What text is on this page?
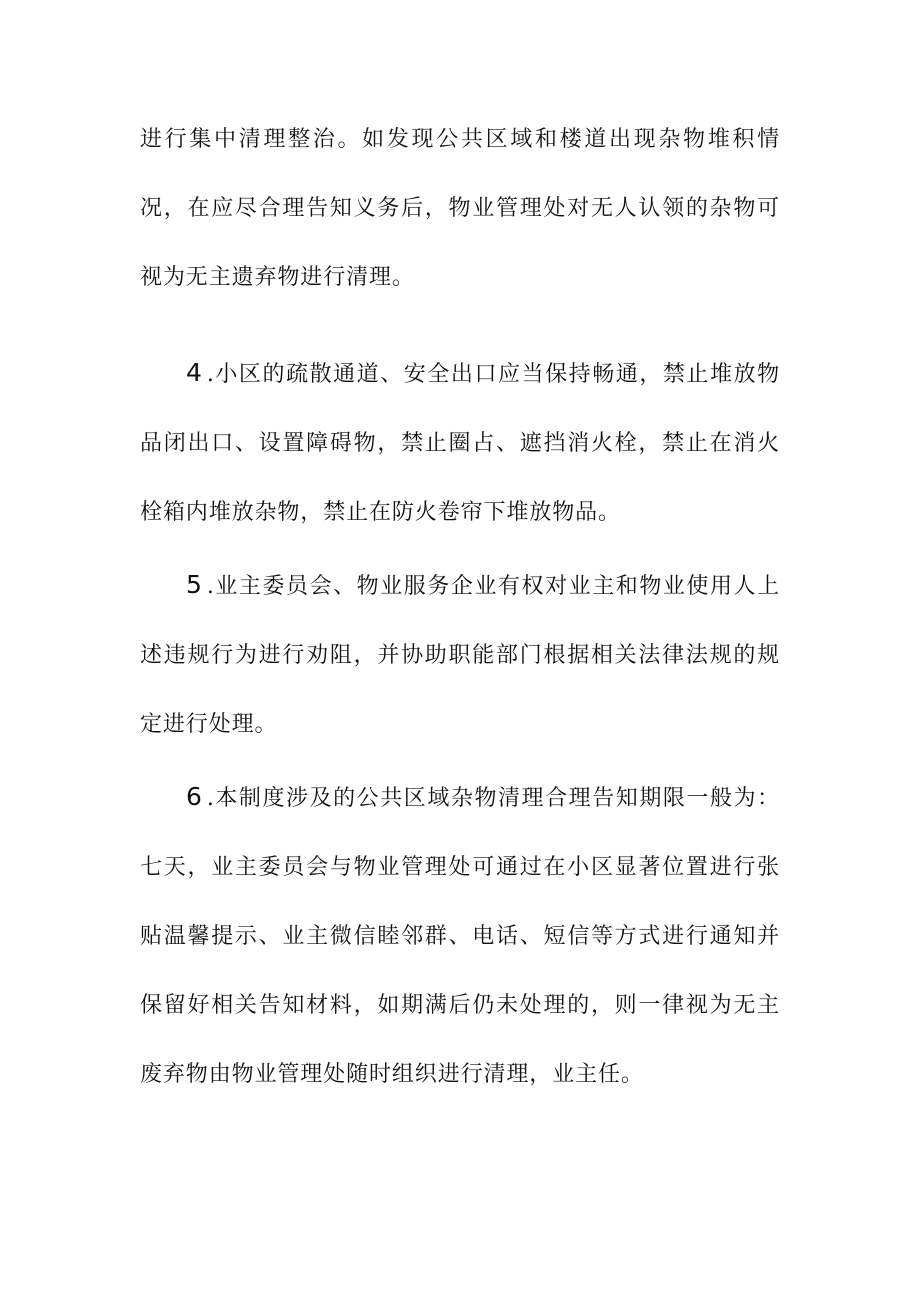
进行集中清理整治。如发现公共区域和楼道出现杂物堆积情况，在应尽合理告知义务后，物业管理处对无人认领的杂物可视为无主遗弃物进行清理。

4 .小区的疏散通道、安全出口应当保持畅通，禁止堆放物品闭出口、设置障碍物，禁止圈占、遮挡消火栓，禁止在消火栓箱内堆放杂物，禁止在防火卷帘下堆放物品。

5 .业主委员会、物业服务企业有权对业主和物业使用人上述违规行为进行劝阻，并协助职能部门根据相关法律法规的规定进行处理。

6 .本制度涉及的公共区域杂物清理合理告知期限一般为：七天，业主委员会与物业管理处可通过在小区显著位置进行张贴温馨提示、业主微信睦邻群、电话、短信等方式进行通知并保留好相关告知材料，如期满后仍未处理的，则一律视为无主废弃物由物业管理处随时组织进行清理，业主任。
